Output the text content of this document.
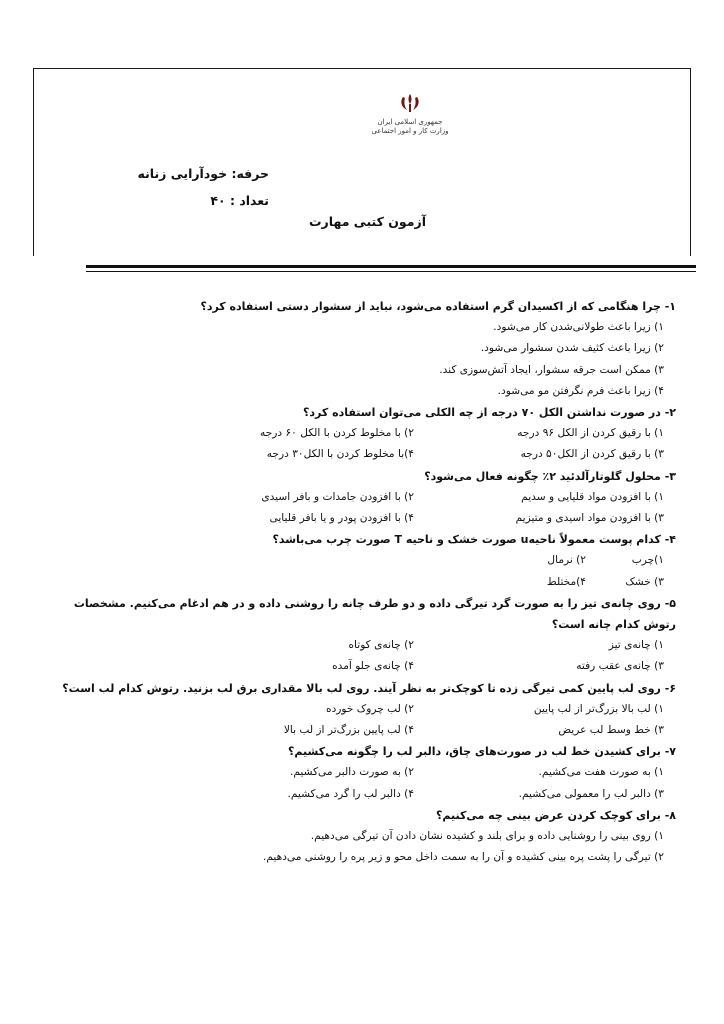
جمهوری اسلامی ایران
وزارت کار و امور اجتماعی
حرفه: خودآرایی زنانه
تعداد : ۴۰
آزمون کتبی مهارت
۱- چرا هنگامی که از اکسیدان گرم استفاده می‌شود، نباید از سشوار دستی استفاده کرد؟
۱) زیرا باعث طولانی‌شدن کار می‌شود.
۲) زیرا باعث کثیف شدن سشوار می‌شود.
۳) ممکن است جرقه سشوار، ایجاد آتش‌سوزی کند.
۴) زیرا باعث فرم نگرفتن مو می‌شود.
۲- در صورت نداشتن الکل ۷۰ درجه از چه الکلی می‌توان استفاده کرد؟
۱) با رقیق کردن از الکل ۹۶ درجه
۲) با مخلوط کردن با الکل ۶۰ درجه
۳) با رقیق کردن از الکل۵۰ درجه
۴)با مخلوط کردن با الکل۳۰ درجه
۳- محلول گلوتارآلدئید ۲٪ چگونه فعال می‌شود؟
۱) با افزودن مواد قلیایی و سدیم
۲) با افزودن جامدات و بافر اسیدی
۳) با افزودن مواد اسیدی و متیزیم
۴) با افزودن پودر و یا بافر قلیایی
۴- کدام پوست معمولاً ناحیهu صورت خشک و ناحیه T صورت چرب می‌باشد؟
۱)چرب
۲) نرمال
۳) خشک
۴)مختلط
۵- روی چانه‌ی تیز را به صورت گرد تیرگی داده و دو طرف چانه را روشنی داده و در هم ادغام می‌کنیم. مشخصات
رتوش کدام چانه است؟
۱) چانه‌ی تیز
۲) چانه‌ی کوتاه
۳) چانه‌ی عقب رفته
۴) چانه‌ی جلو آمده
۶- روی لب پایین کمی تیرگی زده تا کوچک‌تر به نظر آیند. روی لب بالا مقداری برق لب بزنید. رتوش کدام لب است؟
۱) لب بالا بزرگ‌تر از لب پایین
۲) لب چروک خورده
۳) خط وسط لب عریض
۴) لب پایین بزرگ‌تر از لب بالا
۷- برای کشیدن خط لب در صورت‌های چاق، دالبر لب را چگونه می‌کشیم؟
۱) به صورت هفت می‌کشیم.
۲) به صورت دالبر می‌کشیم.
۳) دالبر لب را معمولی می‌کشیم.
۴) دالبر لب را گرد می‌کشیم.
۸- برای کوچک کردن عرض بینی چه می‌کنیم؟
۱) روی بینی را روشنایی داده و برای بلند و کشیده نشان دادن آن تیرگی می‌دهیم.
۲) تیرگی را پشت پره بینی کشیده و آن را به سمت داخل محو و زیر پره را روشنی می‌دهیم.
